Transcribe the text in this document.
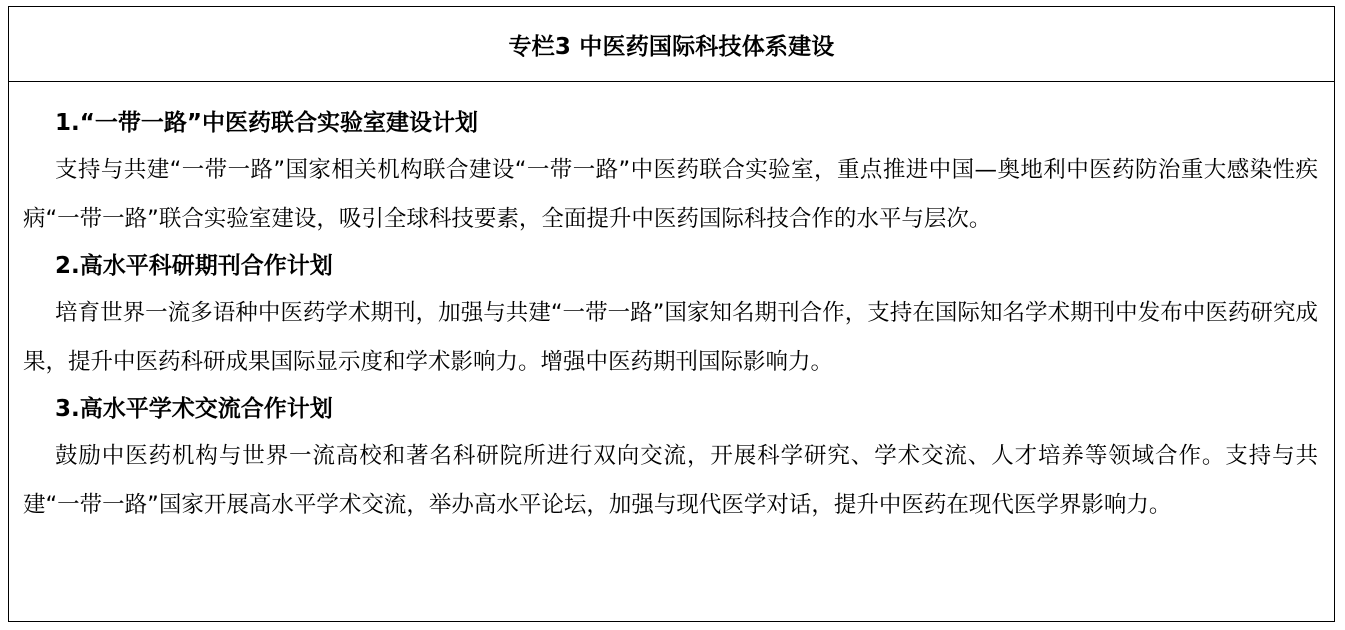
专栏3 中医药国际科技体系建设
1.“一带一路”中医药联合实验室建设计划

支持与共建“一带一路”国家相关机构联合建设“一带一路”中医药联合实验室，重点推进中国—奥地利中医药防治重大感染性疾病“一带一路”联合实验室建设，吸引全球科技要素，全面提升中医药国际科技合作的水平与层次。

2.高水平科研期刊合作计划

培育世界一流多语种中医药学术期刊，加强与共建“一带一路”国家知名期刊合作，支持在国际知名学术期刊中发布中医药研究成果，提升中医药科研成果国际显示度和学术影响力。增强中医药期刊国际影响力。

3.高水平学术交流合作计划

鼓励中医药机构与世界一流高校和著名科研院所进行双向交流，开展科学研究、学术交流、人才培养等领域合作。支持与共建“一带一路”国家开展高水平学术交流，举办高水平论坛，加强与现代医学对话，提升中医药在现代医学界影响力。
